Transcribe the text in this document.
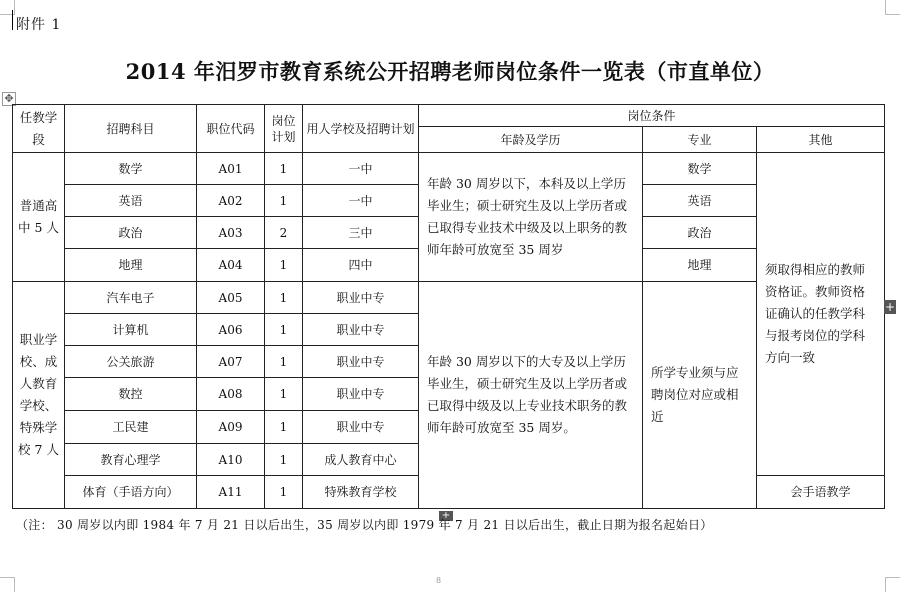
附件 1
2014 年汨罗市教育系统公开招聘老师岗位条件一览表（市直单位）
✥
任教学段	招聘科目	职位代码	岗位计划	用人学校及招聘计划	岗位条件		
					年龄及学历	专业	其他
普通高中 5 人	数学	A01	1	一中	年龄 30 周岁以下，本科及以上学历毕业生；硕士研究生及以上学历者或已取得专业技术中级及以上职务的教师年龄可放宽至 35 周岁	数学	须取得相应的教师资格证。教师资格证确认的任教学科与报考岗位的学科方向一致
	英语	A02	1	一中		英语	
	政治	A03	2	三中		政治	
	地理	A04	1	四中		地理	
职业学校、成人教育学校、特殊学校 7 人	汽车电子	A05	1	职业中专	年龄 30 周岁以下的大专及以上学历毕业生，硕士研究生及以上学历者或已取得中级及以上专业技术职务的教师年龄可放宽至 35 周岁。	所学专业须与应聘岗位对应或相近	
	计算机	A06	1	职业中专			
	公关旅游	A07	1	职业中专			
	数控	A08	1	职业中专			
	工民建	A09	1	职业中专			
	教育心理学	A10	1	成人教育中心			
	体育（手语方向）	A11	1	特殊教育学校			会手语教学
+
+
（注： 30 周岁以内即 1984 年 7 月 21 日以后出生，35 周岁以内即 1979 年 7 月 21 日以后出生，截止日期为报名起始日）
8
